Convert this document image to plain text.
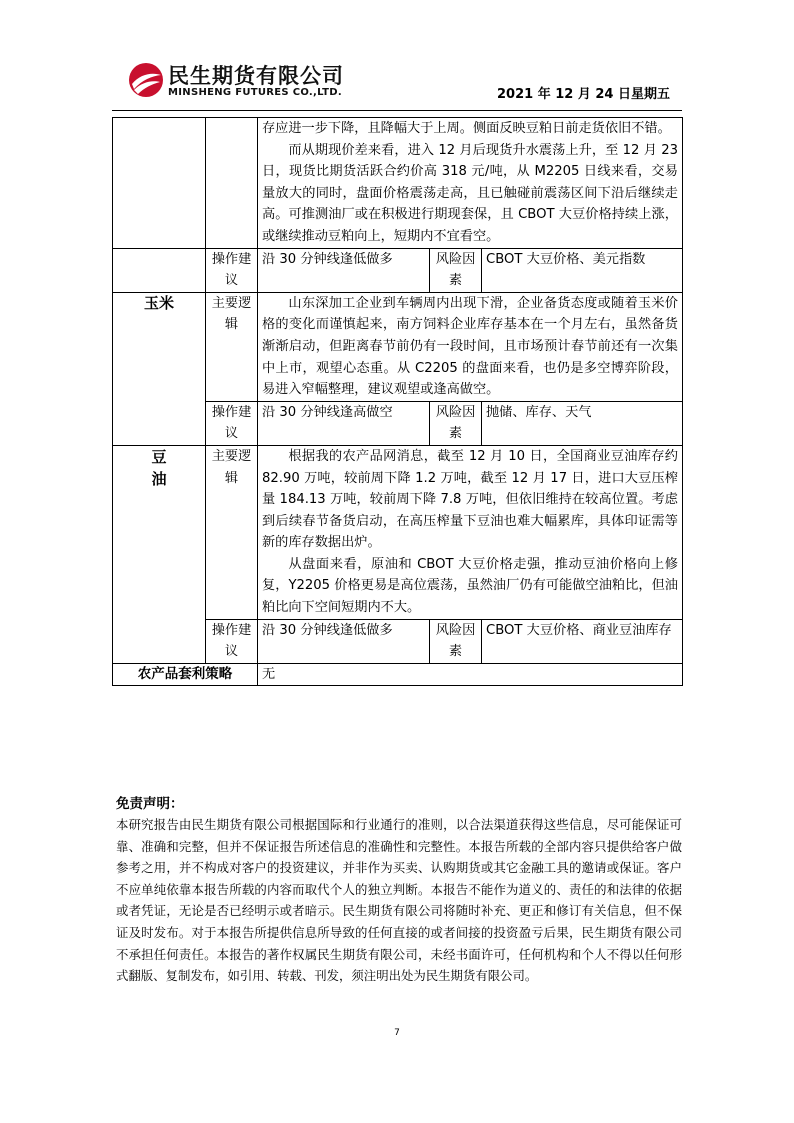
民生期货有限公司
MINSHENG FUTURES CO.,LTD.	2021 年 12 月 24 日星期五

		存应进一步下降，且降幅大于上周。侧面反映豆粕日前走货依旧不错。

而从期现价差来看，进入 12 月后现货升水震荡上升，至 12 月 23 日，现货比期货活跃合约价高 318 元/吨，从 M2205 日线来看，交易量放大的同时，盘面价格震荡走高，且已触碰前震荡区间下沿后继续走高。可推测油厂或在积极进行期现套保，且 CBOT 大豆价格持续上涨，或继续推动豆粕向上，短期内不宜看空。		

	操作建议	沿 30 分钟线逢低做多	风险因素	CBOT 大豆价格、美元指数
玉米	主要逻辑	山东深加工企业到车辆周内出现下滑，企业备货态度或随着玉米价格的变化而谨慎起来，南方饲料企业库存基本在一个月左右，虽然备货渐渐启动，但距离春节前仍有一段时间，且市场预计春节前还有一次集中上市，观望心态重。从 C2205 的盘面来看，也仍是多空博弈阶段，易进入窄幅整理，建议观望或逢高做空。		

	操作建议	沿 30 分钟线逢高做空	风险因素	抛储、库存、天气

豆油	主要逻辑	根据我的农产品网消息，截至 12 月 10 日，全国商业豆油库存约 82.90 万吨，较前周下降 1.2 万吨，截至 12 月 17 日，进口大豆压榨量 184.13 万吨，较前周下降 7.8 万吨，但依旧维持在较高位置。考虑到后续春节备货启动，在高压榨量下豆油也难大幅累库，具体印证需等新的库存数据出炉。

从盘面来看，原油和 CBOT 大豆价格走强，推动豆油价格向上修复，Y2205 价格更易是高位震荡，虽然油厂仍有可能做空油粕比，但油粕比向下空间短期内不大。		

	操作建议	沿 30 分钟线逢低做多	风险因素	CBOT 大豆价格、商业豆油库存
农产品套利策略		无		

免责声明：

本研究报告由民生期货有限公司根据国际和行业通行的准则，以合法渠道获得这些信息，尽可能保证可靠、准确和完整，但并不保证报告所述信息的准确性和完整性。本报告所载的全部内容只提供给客户做参考之用，并不构成对客户的投资建议，并非作为买卖、认购期货或其它金融工具的邀请或保证。客户不应单纯依靠本报告所载的内容而取代个人的独立判断。本报告不能作为道义的、责任的和法律的依据或者凭证，无论是否已经明示或者暗示。民生期货有限公司将随时补充、更正和修订有关信息，但不保证及时发布。对于本报告所提供信息所导致的任何直接的或者间接的投资盈亏后果，民生期货有限公司不承担任何责任。本报告的著作权属民生期货有限公司，未经书面许可，任何机构和个人不得以任何形式翻版、复制发布，如引用、转载、刊发，须注明出处为民生期货有限公司。

7
